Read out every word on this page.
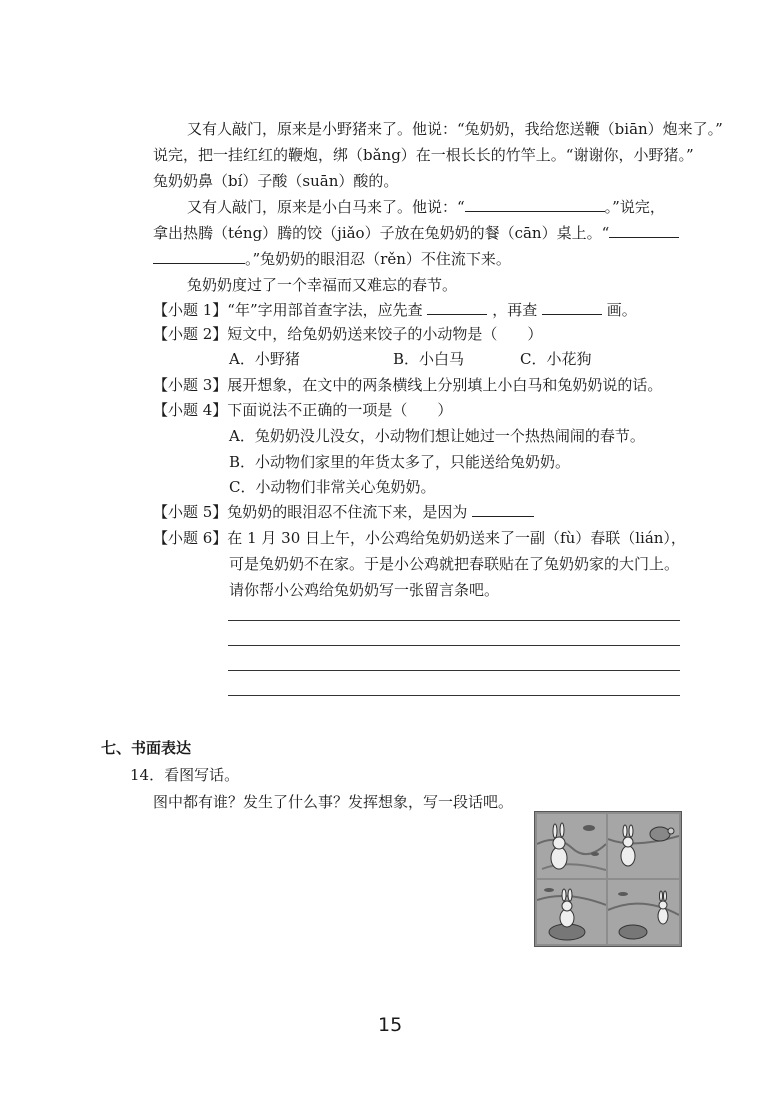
又有人敲门，原来是小野猪来了。他说：“兔奶奶，我给您送鞭（biān）炮来了。”
说完，把一挂红红的鞭炮，绑（bǎng）在一根长长的竹竿上。“谢谢你，小野猪。”
兔奶奶鼻（bí）子酸（suān）酸的。
又有人敲门，原来是小白马来了。他说：“	。”说完，
拿出热腾（téng）腾的饺（jiǎo）子放在兔奶奶的餐（cān）桌上。“
。”兔奶奶的眼泪忍（rěn）不住流下来。
兔奶奶度过了一个幸福而又难忘的春节。
【小题 1】“年”字用部首查字法，应先查	，再查	画。
【小题 2】短文中，给兔奶奶送来饺子的小动物是（　　）
A．小野猪	B．小白马	C．小花狗
【小题 3】展开想象，在文中的两条横线上分别填上小白马和兔奶奶说的话。
【小题 4】下面说法不正确的一项是（　　）
A．兔奶奶没儿没女，小动物们想让她过一个热热闹闹的春节。
B．小动物们家里的年货太多了，只能送给兔奶奶。
C．小动物们非常关心兔奶奶。
【小题 5】兔奶奶的眼泪忍不住流下来，是因为
【小题 6】在 1 月 30 日上午，小公鸡给兔奶奶送来了一副（fù）春联（lián），
可是兔奶奶不在家。于是小公鸡就把春联贴在了兔奶奶家的大门上。
请你帮小公鸡给兔奶奶写一张留言条吧。
七、书面表达
14．看图写话。
图中都有谁？发生了什么事？发挥想象，写一段话吧。
15
